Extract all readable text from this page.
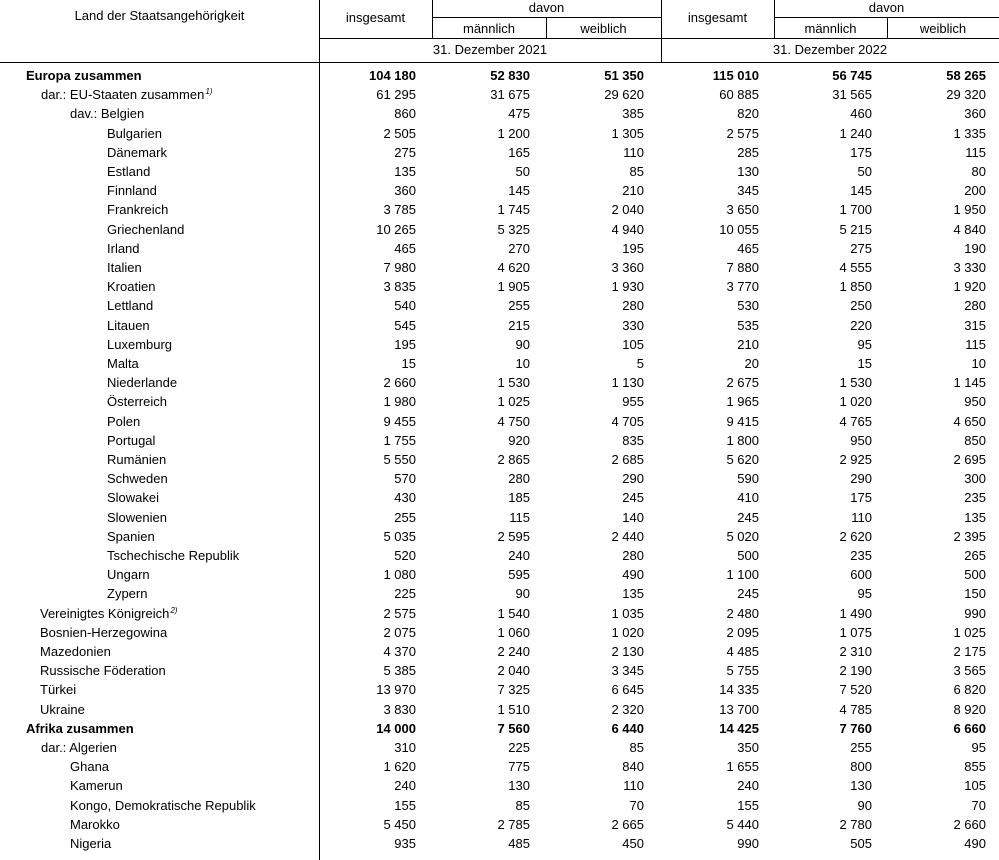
Land der Staatsangehörigkeit	insgesamt
davon
männlich	weiblich
31. Dezember 2021
insgesamt
davon
männlich	weiblich
31. Dezember 2022
Europa zusammen	104 180	52 830	51 350	115 010	56 745	58 265
dar.: EU-Staaten zusammen$^{1)}$	61 295	31 675	29 620	60 885	31 565	29 320
dav.: Belgien	860	475	385	820	460	360
Bulgarien	2 505	1 200	1 305	2 575	1 240	1 335
Dänemark	275	165	110	285	175	115
Estland	135	50	85	130	50	80
Finnland	360	145	210	345	145	200
Frankreich	3 785	1 745	2 040	3 650	1 700	1 950
Griechenland	10 265	5 325	4 940	10 055	5 215	4 840
Irland	465	270	195	465	275	190
Italien	7 980	4 620	3 360	7 880	4 555	3 330
Kroatien	3 835	1 905	1 930	3 770	1 850	1 920
Lettland	540	255	280	530	250	280
Litauen	545	215	330	535	220	315
Luxemburg	195	90	105	210	95	115
Malta	15	10	5	20	15	10
Niederlande	2 660	1 530	1 130	2 675	1 530	1 145
Österreich	1 980	1 025	955	1 965	1 020	950
Polen	9 455	4 750	4 705	9 415	4 765	4 650
Portugal	1 755	920	835	1 800	950	850
Rumänien	5 550	2 865	2 685	5 620	2 925	2 695
Schweden	570	280	290	590	290	300
Slowakei	430	185	245	410	175	235
Slowenien	255	115	140	245	110	135
Spanien	5 035	2 595	2 440	5 020	2 620	2 395
Tschechische Republik	520	240	280	500	235	265
Ungarn	1 080	595	490	1 100	600	500
Zypern	225	90	135	245	95	150
Vereinigtes Königreich$^{2)}$	2 575	1 540	1 035	2 480	1 490	990
Bosnien-Herzegowina	2 075	1 060	1 020	2 095	1 075	1 025
Mazedonien	4 370	2 240	2 130	4 485	2 310	2 175
Russische Föderation	5 385	2 040	3 345	5 755	2 190	3 565
Türkei	13 970	7 325	6 645	14 335	7 520	6 820
Ukraine	3 830	1 510	2 320	13 700	4 785	8 920
Afrika zusammen	14 000	7 560	6 440	14 425	7 760	6 660
dar.: Algerien	310	225	85	350	255	95
Ghana	1 620	775	840	1 655	800	855
Kamerun	240	130	110	240	130	105
Kongo, Demokratische Republik	155	85	70	155	90	70
Marokko	5 450	2 785	2 665	5 440	2 780	2 660
Nigeria	935	485	450	990	505	490
